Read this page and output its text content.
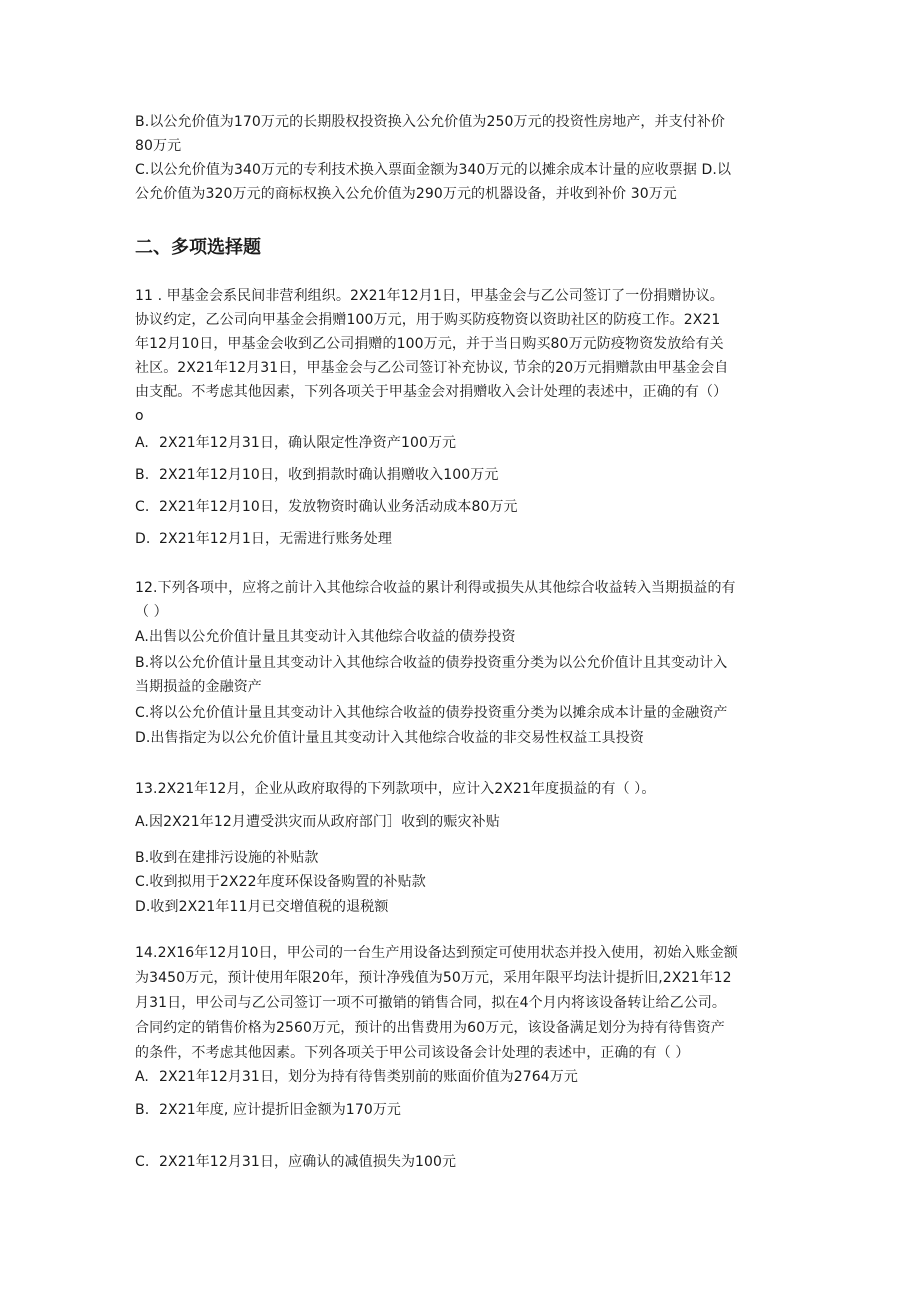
B.以公允价值为170万元的长期股权投资换入公允价值为250万元的投资性房地产，并支付补价

80万元

C.以公允价值为340万元的专利技术换入票面金额为340万元的以摊余成本计量的应收票据 D.以

公允价值为320万元的商标权换入公允价值为290万元的机器设备，并收到补价 30万元

二、多项选择题

11 . 甲基金会系民间非营利组织。2X21年12月1日，甲基金会与乙公司签订了一份捐赠协议。

协议约定，乙公司向甲基金会捐赠100万元，用于购买防疫物资以资助社区的防疫工作。2X21

年12月10日，甲基金会收到乙公司捐赠的100万元，并于当日购买80万元防疫物资发放给有关

社区。2X21年12月31日，甲基金会与乙公司签订补充协议, 节余的20万元捐赠款由甲基金会自

由支配。不考虑其他因素，下列各项关于甲基金会对捐赠收入会计处理的表述中，正确的有（）

o

A. 2X21年12月31日，确认限定性净资产100万元

B. 2X21年12月10日，收到捐款时确认捐赠收入100万元

C. 2X21年12月10日，发放物资时确认业务活动成本80万元

D. 2X21年12月1日，无需进行账务处理

12.下列各项中，应将之前计入其他综合收益的累计利得或损失从其他综合收益转入当期损益的有

（ ）

A.出售以公允价值计量且其变动计入其他综合收益的债券投资

B.将以公允价值计量且其变动计入其他综合收益的债券投资重分类为以公允价值计且其变动计入

当期损益的金融资产

C.将以公允价值计量且其变动计入其他综合收益的债券投资重分类为以摊余成本计量的金融资产

D.出售指定为以公允价值计量且其变动计入其他综合收益的非交易性权益工具投资

13.2X21年12月，企业从政府取得的下列款项中，应计入2X21年度损益的有（ ）。

A.因2X21年12月遭受洪灾而从政府部门］收到的赈灾补贴

B.收到在建排污设施的补贴款

C.收到拟用于2X22年度环保设备购置的补贴款

D.收到2X21年11月已交增值税的退税额

14.2X16年12月10日，甲公司的一台生产用设备达到预定可使用状态并投入使用，初始入账金额

为3450万元，预计使用年限20年，预计净残值为50万元，采用年限平均法计提折旧,2X21年12

月31日，甲公司与乙公司签订一项不可撤销的销售合同，拟在4个月内将该设备转让给乙公司。

合同约定的销售价格为2560万元，预计的出售费用为60万元，该设备满足划分为持有待售资产

的条件，不考虑其他因素。下列各项关于甲公司该设备会计处理的表述中，正确的有（ ）

A. 2X21年12月31日，划分为持有待售类别前的账面价值为2764万元

B. 2X21年度, 应计提折旧金额为170万元

C. 2X21年12月31日，应确认的减值损失为100元
